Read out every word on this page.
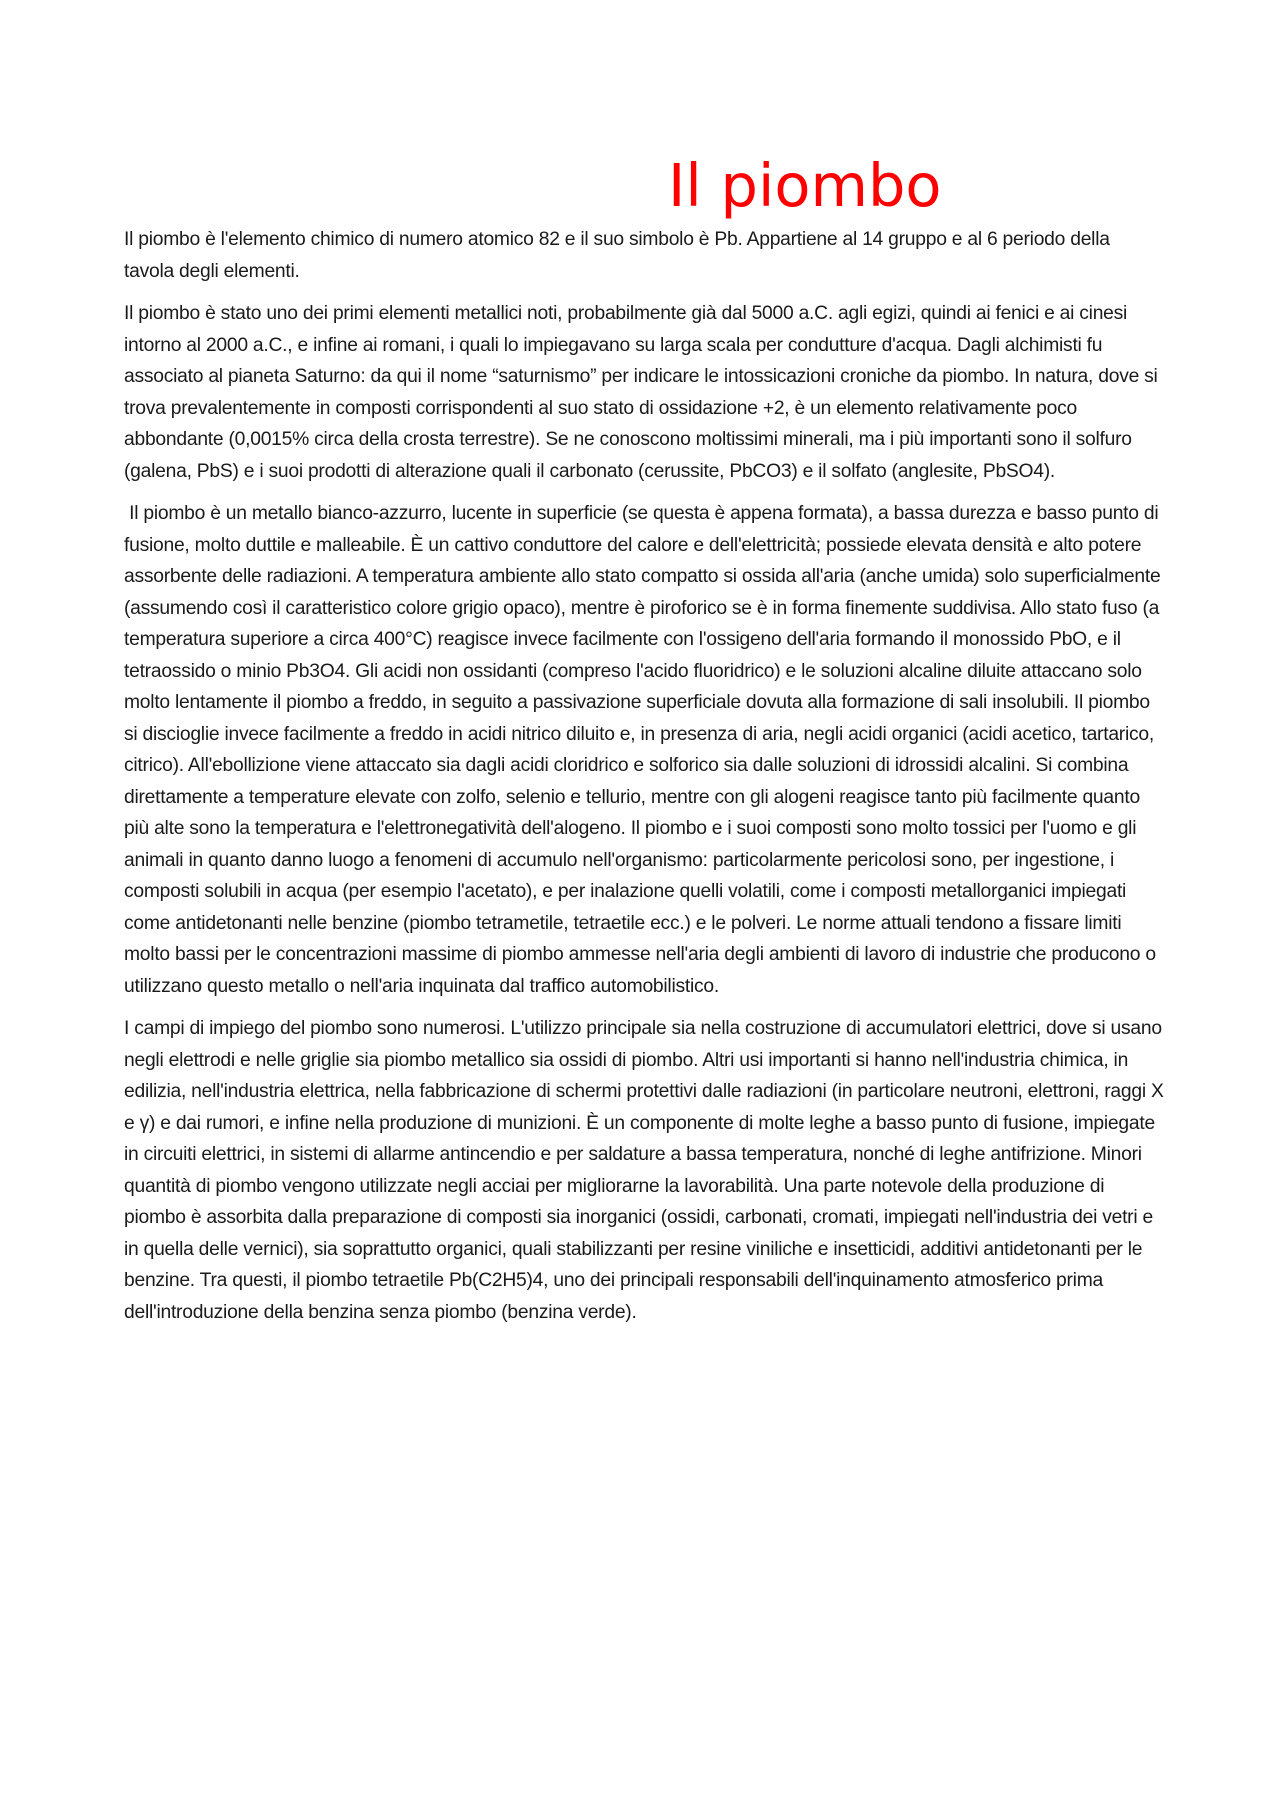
Il piombo

Il piombo è l'elemento chimico di numero atomico 82 e il suo simbolo è Pb. Appartiene al 14 gruppo e al 6 periodo della tavola degli elementi.

Il piombo è stato uno dei primi elementi metallici noti, probabilmente già dal 5000 a.C. agli egizi, quindi ai fenici e ai cinesi intorno al 2000 a.C., e infine ai romani, i quali lo impiegavano su larga scala per condutture d'acqua. Dagli alchimisti fu associato al pianeta Saturno: da qui il nome “saturnismo” per indicare le intossicazioni croniche da piombo. In natura, dove si trova prevalentemente in composti corrispondenti al suo stato di ossidazione +2, è un elemento relativamente poco abbondante (0,0015% circa della crosta terrestre). Se ne conoscono moltissimi minerali, ma i più importanti sono il solfuro (galena, PbS) e i suoi prodotti di alterazione quali il carbonato (cerussite, PbCO3) e il solfato (anglesite, PbSO4).

Il piombo è un metallo bianco-azzurro, lucente in superficie (se questa è appena formata), a bassa durezza e basso punto di fusione, molto duttile e malleabile. È un cattivo conduttore del calore e dell'elettricità; possiede elevata densità e alto potere assorbente delle radiazioni. A temperatura ambiente allo stato compatto si ossida all'aria (anche umida) solo superficialmente (assumendo così il caratteristico colore grigio opaco), mentre è piroforico se è in forma finemente suddivisa. Allo stato fuso (a temperatura superiore a circa 400°C) reagisce invece facilmente con l'ossigeno dell'aria formando il monossido PbO, e il tetraossido o minio Pb3O4. Gli acidi non ossidanti (compreso l'acido fluoridrico) e le soluzioni alcaline diluite attaccano solo molto lentamente il piombo a freddo, in seguito a passivazione superficiale dovuta alla formazione di sali insolubili. Il piombo si discioglie invece facilmente a freddo in acidi nitrico diluito e, in presenza di aria, negli acidi organici (acidi acetico, tartarico, citrico). All'ebollizione viene attaccato sia dagli acidi cloridrico e solforico sia dalle soluzioni di idrossidi alcalini. Si combina direttamente a temperature elevate con zolfo, selenio e tellurio, mentre con gli alogeni reagisce tanto più facilmente quanto più alte sono la temperatura e l'elettronegatività dell'alogeno. Il piombo e i suoi composti sono molto tossici per l'uomo e gli animali in quanto danno luogo a fenomeni di accumulo nell'organismo: particolarmente pericolosi sono, per ingestione, i composti solubili in acqua (per esempio l'acetato), e per inalazione quelli volatili, come i composti metallorganici impiegati come antidetonanti nelle benzine (piombo tetrametile, tetraetile ecc.) e le polveri. Le norme attuali tendono a fissare limiti molto bassi per le concentrazioni massime di piombo ammesse nell'aria degli ambienti di lavoro di industrie che producono o utilizzano questo metallo o nell'aria inquinata dal traffico automobilistico.

I campi di impiego del piombo sono numerosi. L'utilizzo principale sia nella costruzione di accumulatori elettrici, dove si usano negli elettrodi e nelle griglie sia piombo metallico sia ossidi di piombo. Altri usi importanti si hanno nell'industria chimica, in edilizia, nell'industria elettrica, nella fabbricazione di schermi protettivi dalle radiazioni (in particolare neutroni, elettroni, raggi X e γ) e dai rumori, e infine nella produzione di munizioni. È un componente di molte leghe a basso punto di fusione, impiegate in circuiti elettrici, in sistemi di allarme antincendio e per saldature a bassa temperatura, nonché di leghe antifrizione. Minori quantità di piombo vengono utilizzate negli acciai per migliorarne la lavorabilità. Una parte notevole della produzione di piombo è assorbita dalla preparazione di composti sia inorganici (ossidi, carbonati, cromati, impiegati nell'industria dei vetri e in quella delle vernici), sia soprattutto organici, quali stabilizzanti per resine viniliche e insetticidi, additivi antidetonanti per le benzine. Tra questi, il piombo tetraetile Pb(C2H5)4, uno dei principali responsabili dell'inquinamento atmosferico prima dell'introduzione della benzina senza piombo (benzina verde).
